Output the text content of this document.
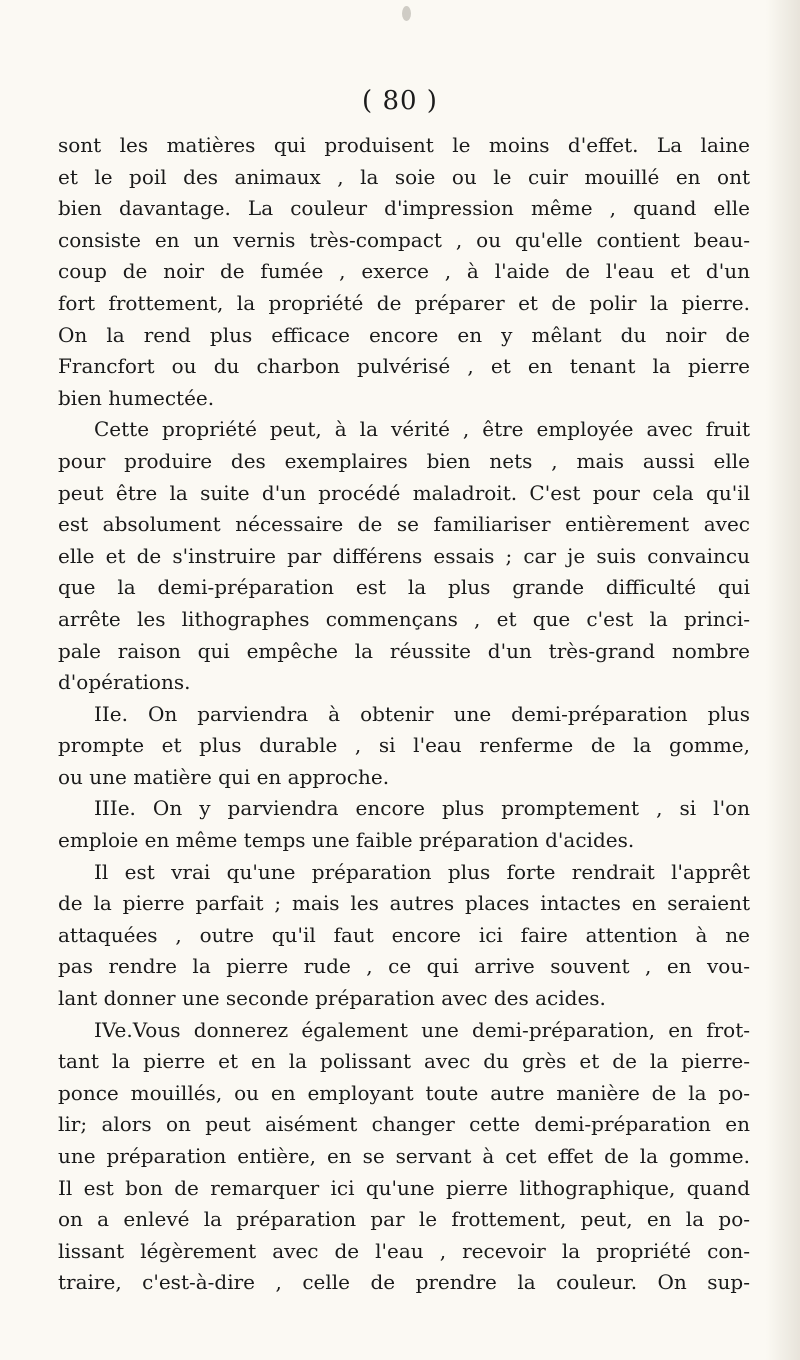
( 80 )
sont les matières qui produisent le moins d'effet. La laine
et le poil des animaux , la soie ou le cuir mouillé en ont
bien davantage. La couleur d'impression même , quand elle
consiste en un vernis très-compact , ou qu'elle contient beau-
coup de noir de fumée , exerce , à l'aide de l'eau et d'un
fort frottement, la propriété de préparer et de polir la pierre.
On la rend plus efficace encore en y mêlant du noir de
Francfort ou du charbon pulvérisé , et en tenant la pierre
bien humectée.
Cette propriété peut, à la vérité , être employée avec fruit
pour produire des exemplaires bien nets , mais aussi elle
peut être la suite d'un procédé maladroit. C'est pour cela qu'il
est absolument nécessaire de se familiariser entièrement avec
elle et de s'instruire par différens essais ; car je suis convaincu
que la demi-préparation est la plus grande difficulté qui
arrête les lithographes commençans , et que c'est la princi-
pale raison qui empêche la réussite d'un très-grand nombre
d'opérations.
IIe. On parviendra à obtenir une demi-préparation plus
prompte et plus durable , si l'eau renferme de la gomme,
ou une matière qui en approche.
IIIe. On y parviendra encore plus promptement , si l'on
emploie en même temps une faible préparation d'acides.
Il est vrai qu'une préparation plus forte rendrait l'apprêt
de la pierre parfait ; mais les autres places intactes en seraient
attaquées , outre qu'il faut encore ici faire attention à ne
pas rendre la pierre rude , ce qui arrive souvent , en vou-
lant donner une seconde préparation avec des acides.
IVe.Vous donnerez également une demi-préparation, en frot-
tant la pierre et en la polissant avec du grès et de la pierre-
ponce mouillés, ou en employant toute autre manière de la po-
lir; alors on peut aisément changer cette demi-préparation en
une préparation entière, en se servant à cet effet de la gomme.
Il est bon de remarquer ici qu'une pierre lithographique, quand
on a enlevé la préparation par le frottement, peut, en la po-
lissant légèrement avec de l'eau , recevoir la propriété con-
traire, c'est-à-dire , celle de prendre la couleur. On sup-
